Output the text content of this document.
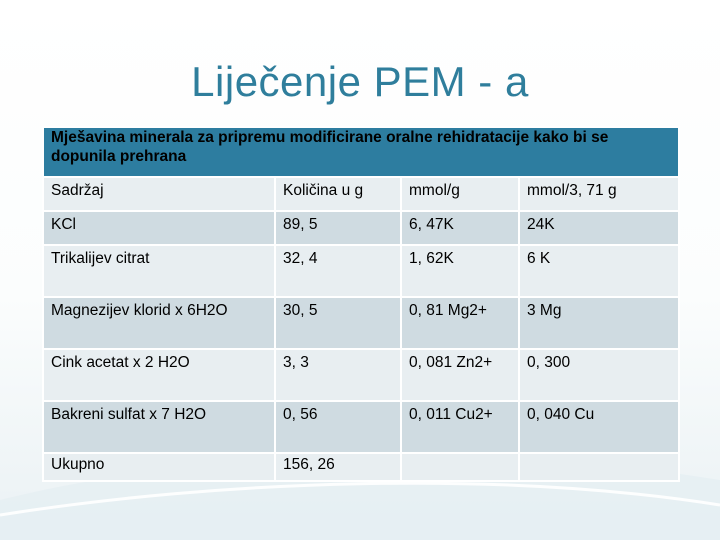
Liječenje PEM - a
Mješavina minerala za pripremu modificirane oralne rehidratacije kako bi se dopunila prehrana			
Sadržaj	Količina u g	mmol/g	mmol/3, 71 g
KCl	89, 5	6, 47K	24K
Trikalijev citrat	32, 4	1, 62K	6 K
Magnezijev klorid x 6H2O	30, 5	0, 81 Mg2+	3 Mg
Cink acetat x 2 H2O	3, 3	0, 081 Zn2+	0, 300
Bakreni sulfat x 7 H2O	0, 56	0, 011 Cu2+	0, 040 Cu
Ukupno	156, 26		
